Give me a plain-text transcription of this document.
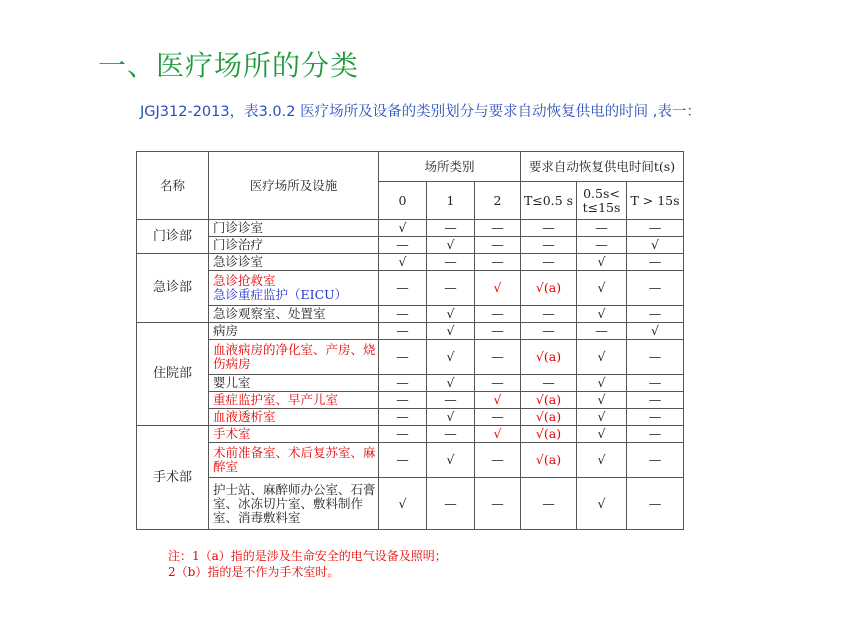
一、医疗场所的分类
JGJ312-2013，表3.0.2 医疗场所及设备的类别划分与要求自动恢复供电的时间 ,表一：
名称	医疗场所及设施	场所类别			要求自动恢复供电时间t(s)		
		0	1	2	T≤0.5 s	0.5s< t≤15s	T > 15s
门诊部	门诊诊室	√	—	—	—	—	—
	门诊治疗	—	√	—	—	—	√
急诊部	急诊诊室	√	—	—	—	√	—
	急诊抢救室
急诊重症监护（EICU）	—	—	√	√(a)	√	—
	急诊观察室、处置室	—	√	—	—	√	—
住院部	病房	—	√	—	—	—	√
	血液病房的净化室、产房、烧伤病房	—	√	—	√(a)	√	—
	婴儿室	—	√	—	—	√	—
	重症监护室、早产儿室	—	—	√	√(a)	√	—
	血液透析室	—	√	—	√(a)	√	—
手术部	手术室	—	—	√	√(a)	√	—
	术前准备室、术后复苏室、麻醉室	—	√	—	√(a)	√	—
	护士站、麻醉师办公室、石膏室、冰冻切片室、敷料制作室、消毒敷料室	√	—	—	—	√	—
注：1（a）指的是涉及生命安全的电气设备及照明；
2（b）指的是不作为手术室时。
